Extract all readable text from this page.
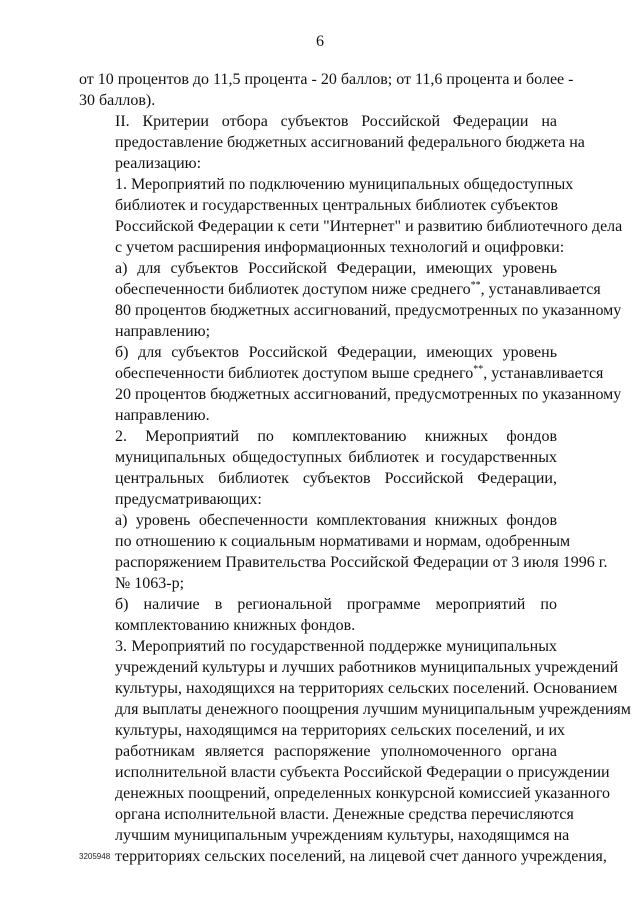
6
от 10 процентов до 11,5 процента - 20 баллов; от 11,6 процента и более -
30 баллов).
II. Критерии отбора субъектов Российской Федерации на
предоставление бюджетных ассигнований федерального бюджета на
реализацию:
1. Мероприятий по подключению муниципальных общедоступных
библиотек и государственных центральных библиотек субъектов
Российской Федерации к сети "Интернет" и развитию библиотечного дела
с учетом расширения информационных технологий и оцифровки:
а) для субъектов Российской Федерации, имеющих уровень
обеспеченности библиотек доступом ниже среднего**, устанавливается
80 процентов бюджетных ассигнований, предусмотренных по указанному
направлению;
б) для субъектов Российской Федерации, имеющих уровень
обеспеченности библиотек доступом выше среднего**, устанавливается
20 процентов бюджетных ассигнований, предусмотренных по указанному
направлению.
2. Мероприятий по комплектованию книжных фондов
муниципальных общедоступных библиотек и государственных
центральных библиотек субъектов Российской Федерации,
предусматривающих:
а) уровень обеспеченности комплектования книжных фондов
по отношению к социальным нормативами и нормам, одобренным
распоряжением Правительства Российской Федерации от 3 июля 1996 г.
№ 1063-р;
б) наличие в региональной программе мероприятий по
комплектованию книжных фондов.
3. Мероприятий по государственной поддержке муниципальных
учреждений культуры и лучших работников муниципальных учреждений
культуры, находящихся на территориях сельских поселений. Основанием
для выплаты денежного поощрения лучшим муниципальным учреждениям
культуры, находящимся на территориях сельских поселений, и их
работникам является распоряжение уполномоченного органа
исполнительной власти субъекта Российской Федерации о присуждении
денежных поощрений, определенных конкурсной комиссией указанного
органа исполнительной власти. Денежные средства перечисляются
лучшим муниципальным учреждениям культуры, находящимся на
территориях сельских поселений, на лицевой счет данного учреждения,
3205948
